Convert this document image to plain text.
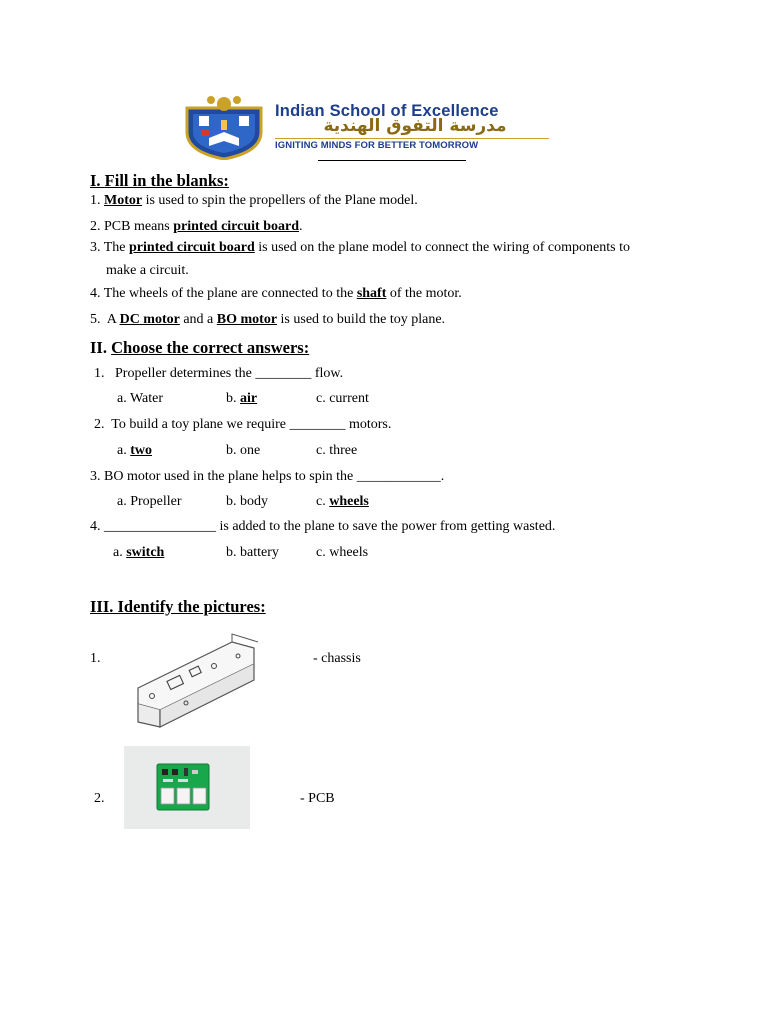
Indian School of Excellence
مدرسة التفوق الهندية
IGNITING MINDS FOR BETTER TOMORROW
I. Fill in the blanks:
1. Motor is used to spin the propellers of the Plane model.
2. PCB means printed circuit board.
3. The printed circuit board is used on the plane model to connect the wiring of components to
make a circuit.
4. The wheels of the plane are connected to the shaft of the motor.
5.  A DC motor and a BO motor is used to build the toy plane.
II. Choose the correct answers:
1.   Propeller determines the ________ flow.
a. Water	b. air	c. current
2.  To build a toy plane we require ________ motors.
a. two	b. one	c. three
3. BO motor used in the plane helps to spin the ____________.
a. Propeller	b. body	c. wheels
4. ________________ is added to the plane to save the power from getting wasted.
a. switch	b. battery	c. wheels
III. Identify the pictures:
1.	- chassis
2.	- PCB
